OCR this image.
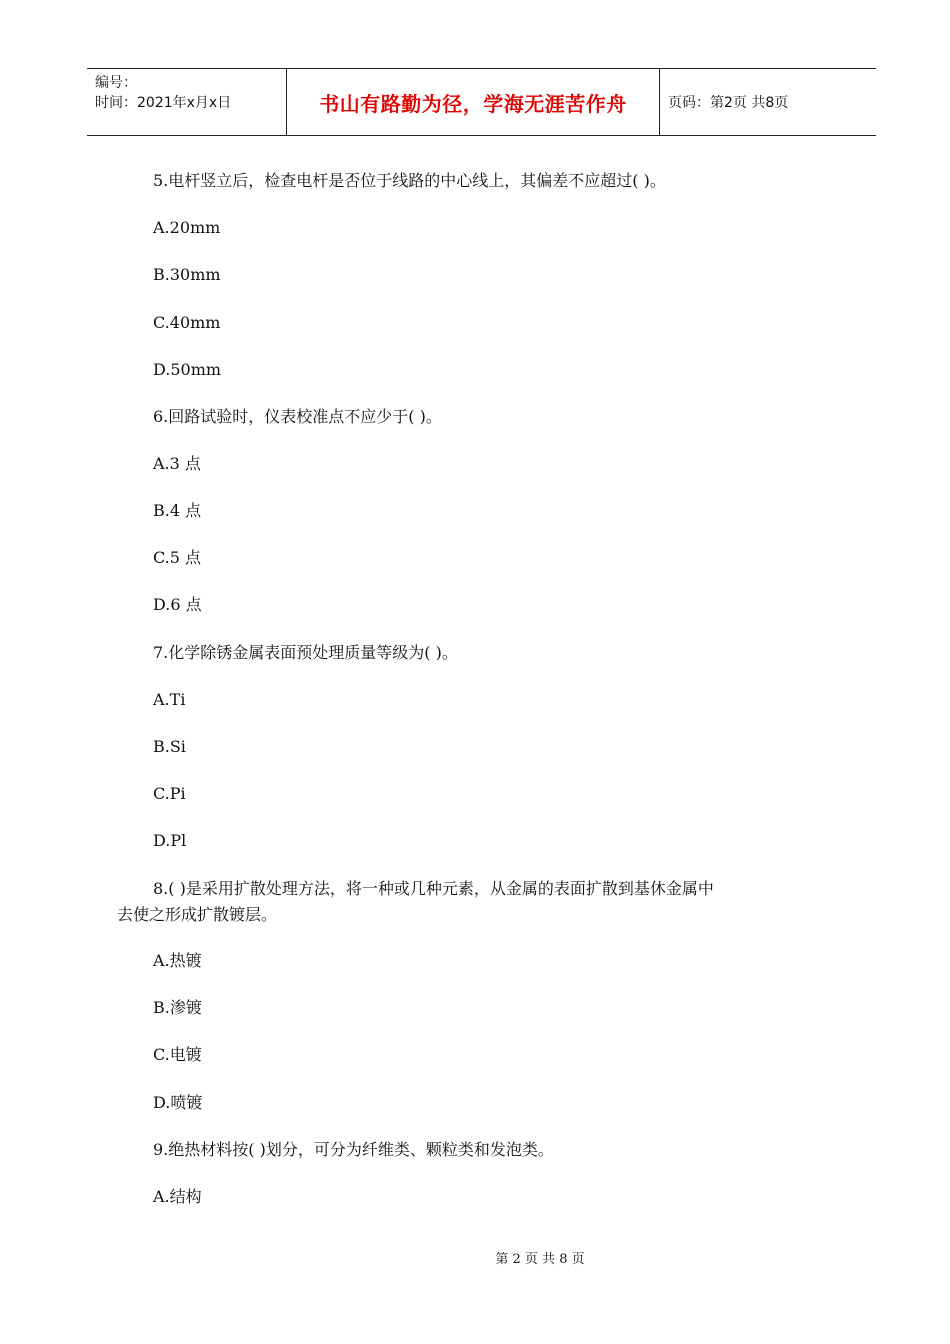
编号：
时间：2021年x月x日	书山有路勤为径，学海无涯苦作舟	页码：第2页 共8页
5.电杆竖立后，检查电杆是否位于线路的中心线上，其偏差不应超过( )。
A.20mm
B.30mm
C.40mm
D.50mm
6.回路试验时，仪表校准点不应少于( )。
A.3 点
B.4 点
C.5 点
D.6 点
7.化学除锈金属表面预处理质量等级为( )。
A.Ti
B.Si
C.Pi
D.Pl
8.( )是采用扩散处理方法，将一种或几种元素，从金属的表面扩散到基休金属中
去使之形成扩散镀层。
A.热镀
B.渗镀
C.电镀
D.喷镀
9.绝热材料按( )划分，可分为纤维类、颗粒类和发泡类。
A.结构
第 2 页 共 8 页
